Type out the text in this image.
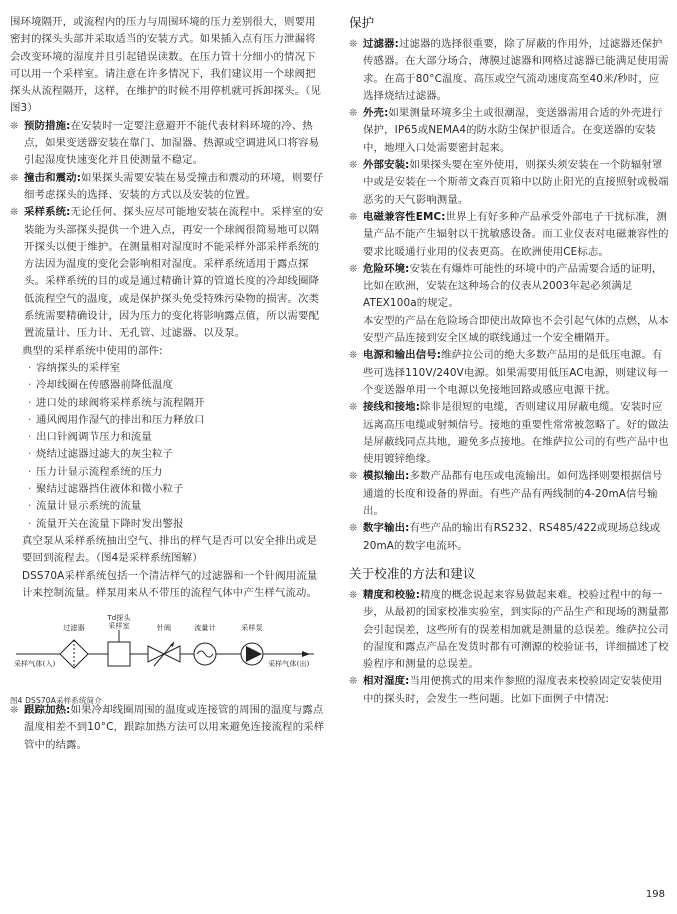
围环境隔开，或流程内的压力与周围环境的压力差别很大，则要用密封的探头头部并采取适当的安装方式。如果插入点有压力泄漏将会改变环境的湿度并且引起错误读数。在压力管十分细小的情况下可以用一个采样室。请注意在许多情况下，我们建议用一个球阀把探头从流程隔开，这样，在维护的时候不用停机就可拆卸探头。（见图3）

❊ 预防措施:在安装时一定要注意避开不能代表材料环境的冷、热点，如果变送器安装在靠门、加湿器、热源或空调进风口将容易引起湿度快速变化并且使测量不稳定。
❊ 撞击和震动:如果探头需要安装在易受撞击和震动的环境，则要仔细考虑探头的选择、安装的方式以及安装的位置。
❊ 采样系统:无论任何、探头应尽可能地安装在流程中。采样室的安装能为头部探头提供一个进入点，再安一个球阀很简易地可以隔开探头以便于维护。在测量相对湿度时不能采样外部采样系统的方法因为温度的变化会影响相对湿度。采样系统适用于露点探头。采样系统的目的或是通过精确计算的管道长度的冷却线圈降低流程空气的温度，或是保护探头免受特殊污染物的损害。次类系统需要精确设计，因为压力的变化将影响露点值，所以需要配置流量计、压力计、无孔管、过滤器、以及泵。

典型的采样系统中使用的部件:

· 容纳探头的采样室
· 冷却线圈在传感器前降低温度
· 进口处的球阀将采样系统与流程隔开
· 通风阀用作湿气的排出和压力释放口
· 出口针阀调节压力和流量
· 烧结过滤器过滤大的灰尘粒子
· 压力计显示流程系统的压力
· 聚结过滤器挡住液体和微小粒子
· 流量计显示系统的流量
· 流量开关在流量下降时发出警报

真空泵从采样系统抽出空气、排出的样气是否可以安全排出或是要回到流程去。（图4是采样系统图解）

DSS70A采样系统包括一个清洁样气的过滤器和一个针阀用流量计来控制流量。样泵用来从不带压的流程气体中产生样气流动。

Td探头
过滤器	采样室	针阀	流量计	采样泵
采样气体(入)	采样气体(出)
图4 DSS70A采样系统简介
❊ 跟踪加热:如果冷却线圈周围的温度或连接管的周围的温度与露点温度相差不到10°C，跟踪加热方法可以用来避免连接流程的采样管中的结露。
保护
❊ 过滤器:过滤器的选择很重要，除了屏蔽的作用外，过滤器还保护传感器。在大部分场合，薄膜过滤器和网格过滤器已能满足使用需求。在高于80°C温度、高压或空气流动速度高至40米/秒时，应选择烧结过滤器。
❊ 外壳:如果测量环境多尘土或很潮湿，变送器需用合适的外壳进行保护，IP65或NEMA4的防水防尘保护很适合。在变送器的安装中，地埋入口处需要密封起来。
❊ 外部安装:如果探头要在室外使用，则探头须安装在一个防辐射罩中或是安装在一个斯蒂文森百页箱中以防止阳光的直接照射或极端恶劣的天气影响测量。
❊ 电磁兼容性EMC:世界上有好多种产品承受外部电子干扰标准，测量产品不能产生辐射以干扰敏感设备。而工业仪表对电磁兼容性的要求比暖通行业用的仪表更高。在欧洲使用CE标志。
❊ 危险环境:安装在有爆炸可能性的环境中的产品需要合适的证明，比如在欧洲，安装在这种场合的仪表从2003年起必须满足ATEX100a的规定。

本安型的产品在危险场合即使出故障也不会引起气体的点燃，从本安型产品连接到安全区域的联线通过一个安全栅隔开。

❊ 电源和输出信号:维萨拉公司的绝大多数产品用的是低压电源。有些可选择110V/240V电源。如果需要用低压AC电源，则建议每一个变送器单用一个电源以免接地回路或感应电源干扰。
❊ 接线和接地:除非是很短的电缆，否则建议用屏蔽电缆。安装时应远离高压电缆或射频信号。接地的重要性常常被忽略了。好的做法是屏蔽线同点共地，避免多点接地。在维萨拉公司的有些产品中也使用镀锌绝缘。
❊ 模拟输出:多数产品都有电压或电流输出。如何选择则要根据信号通道的长度和设备的界面。有些产品有两线制的4-20mA信号输出。
❊ 数字输出:有些产品的输出有RS232、RS485/422或现场总线或20mA的数字电流环。
关于校准的方法和建议
❊ 精度和校验:精度的概念说起来容易做起来难。校验过程中的每一步，从最初的国家校准实验室，到实际的产品生产和现场的测量都会引起误差，这些所有的误差相加就是测量的总误差。维萨拉公司的湿度和露点产品在发货时都有可溯源的校验证书，详细描述了校验程序和测量的总误差。
❊ 相对湿度:当用便携式的用来作参照的湿度表来校验固定安装使用中的探头时，会发生一些问题。比如下面例子中情况:
198
